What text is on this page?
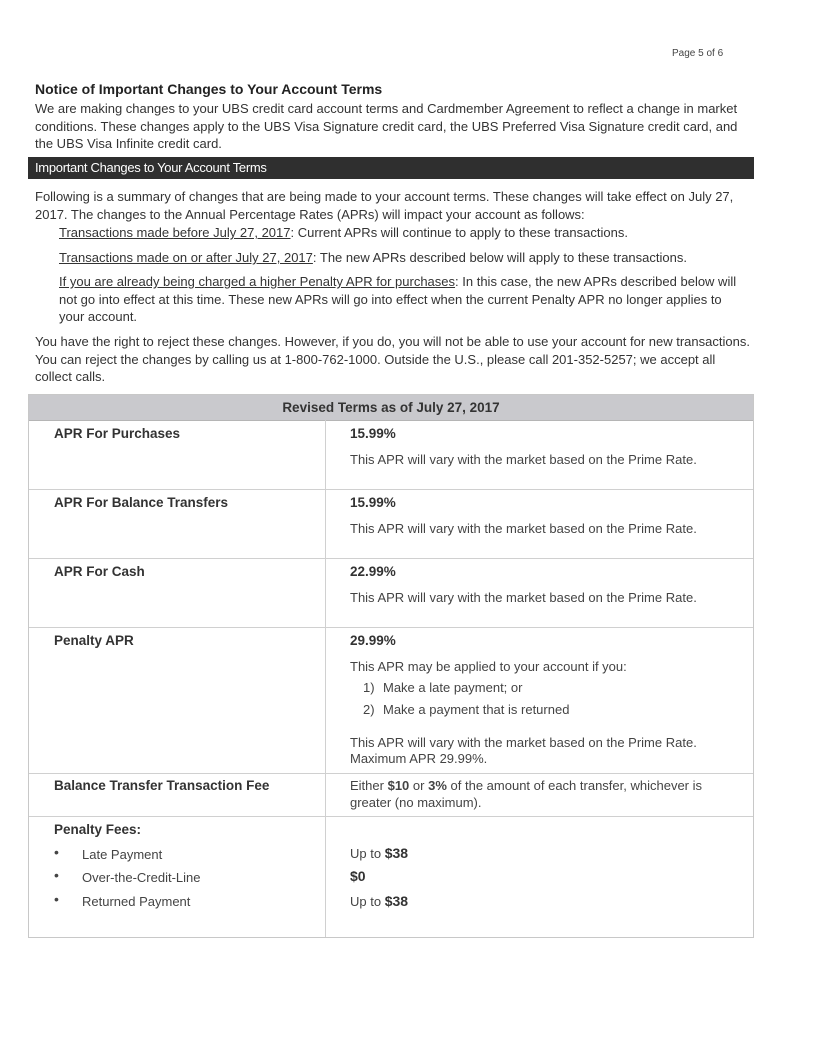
Page 5 of 6
Notice of Important Changes to Your Account Terms
We are making changes to your UBS credit card account terms and Cardmember Agreement to reflect a change in market conditions. These changes apply to the UBS Visa Signature credit card, the UBS Preferred Visa Signature credit card, and the UBS Visa Infinite credit card.
Important Changes to Your Account Terms
Following is a summary of changes that are being made to your account terms. These changes will take effect on July 27, 2017. The changes to the Annual Percentage Rates (APRs) will impact your account as follows:
Transactions made before July 27, 2017: Current APRs will continue to apply to these transactions.
Transactions made on or after July 27, 2017: The new APRs described below will apply to these transactions.
If you are already being charged a higher Penalty APR for purchases: In this case, the new APRs described below will not go into effect at this time. These new APRs will go into effect when the current Penalty APR no longer applies to your account.
You have the right to reject these changes. However, if you do, you will not be able to use your account for new transactions. You can reject the changes by calling us at 1-800-762-1000. Outside the U.S., please call 201-352-5257; we accept all collect calls.
Revised Terms as of July 27, 2017
APR For Purchases	15.99%
This APR will vary with the market based on the Prime Rate.
APR For Balance Transfers	15.99%
This APR will vary with the market based on the Prime Rate.
APR For Cash	22.99%
This APR will vary with the market based on the Prime Rate.
Penalty APR	29.99%
This APR may be applied to your account if you:
1) Make a late payment; or
2) Make a payment that is returned
This APR will vary with the market based on the Prime Rate.
Maximum APR 29.99%.
Balance Transfer Transaction Fee	Either $10 or 3% of the amount of each transfer, whichever is greater (no maximum).
Penalty Fees:
• Late Payment	Up to $38
• Over-the-Credit-Line	$0
• Returned Payment	Up to $38
